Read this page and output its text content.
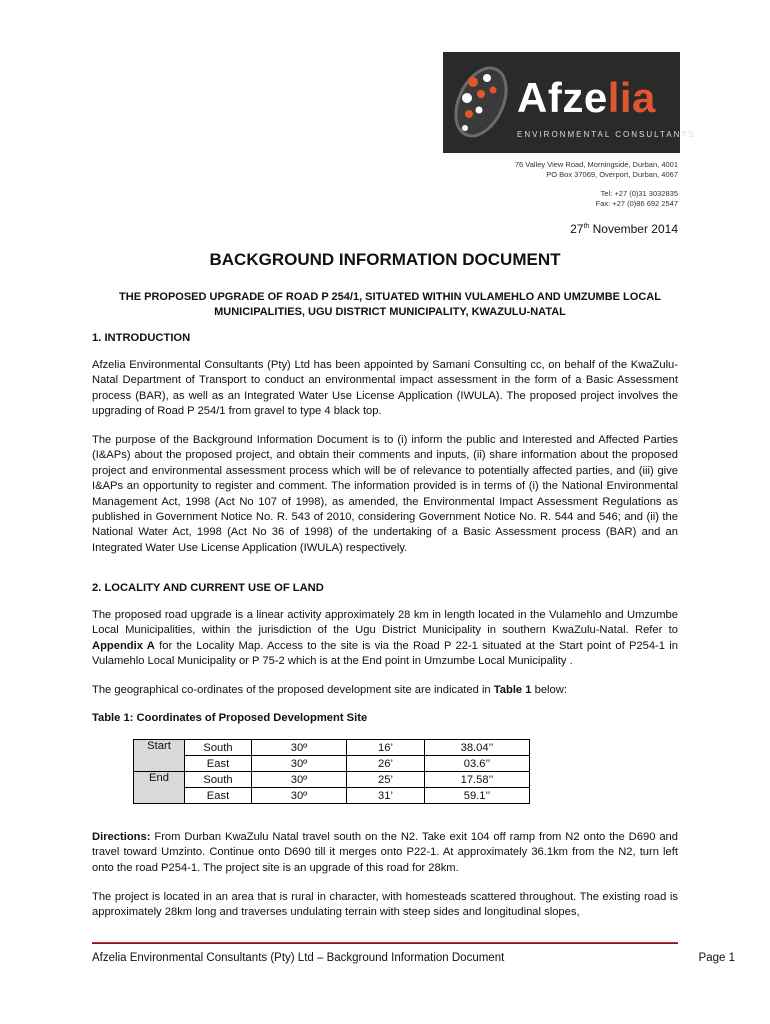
Afzelia
ENVIRONMENTAL CONSULTANTS
76 Valley View Road, Morningside, Durban, 4001
PO Box 37069, Overport, Durban, 4067
Tel: +27 (0)31 3032835
Fax: +27 (0)86 692 2547
27th November 2014
BACKGROUND INFORMATION DOCUMENT
THE PROPOSED UPGRADE OF ROAD P 254/1, SITUATED WITHIN VULAMEHLO AND UMZUMBE LOCAL MUNICIPALITIES, UGU DISTRICT MUNICIPALITY, KWAZULU-NATAL
1. INTRODUCTION

Afzelia Environmental Consultants (Pty) Ltd has been appointed by Samani Consulting cc, on behalf of the KwaZulu-Natal Department of Transport to conduct an environmental impact assessment in the form of a Basic Assessment process (BAR), as well as an Integrated Water Use License Application (IWULA). The proposed project involves the upgrading of Road P 254/1 from gravel to type 4 black top.

The purpose of the Background Information Document is to (i) inform the public and Interested and Affected Parties (I&APs) about the proposed project, and obtain their comments and inputs, (ii) share information about the proposed project and environmental assessment process which will be of relevance to potentially affected parties, and (iii) give I&APs an opportunity to register and comment. The information provided is in terms of (i) the National Environmental Management Act, 1998 (Act No 107 of 1998), as amended, the Environmental Impact Assessment Regulations as published in Government Notice No. R. 543 of 2010, considering Government Notice No. R. 544 and 546; and (ii) the National Water Act, 1998 (Act No 36 of 1998) of the undertaking of a Basic Assessment process (BAR) and an Integrated Water Use License Application (IWULA) respectively.

2. LOCALITY AND CURRENT USE OF LAND

The proposed road upgrade is a linear activity approximately 28 km in length located in the Vulamehlo and Umzumbe Local Municipalities, within the jurisdiction of the Ugu District Municipality in southern KwaZulu-Natal. Refer to Appendix A for the Locality Map. Access to the site is via the Road P 22-1 situated at the Start point of P254-1 in Vulamehlo Local Municipality or P 75-2 which is at the End point in Umzumbe Local Municipality .

The geographical co-ordinates of the proposed development site are indicated in Table 1 below:

Table 1: Coordinates of Proposed Development Site
Start	South	30º	16’	38.04’’
	East	30º	26’	03.6’’
End	South	30º	25’	17.58’’
	East	30º	31’	59.1’’

Directions: From Durban KwaZulu Natal travel south on the N2. Take exit 104 off ramp from N2 onto the D690 and travel toward Umzinto. Continue onto D690 till it merges onto P22-1. At approximately 36.1km from the N2, turn left onto the road P254-1. The project site is an upgrade of this road for 28km.

The project is located in an area that is rural in character, with homesteads scattered throughout. The existing road is approximately 28km long and traverses undulating terrain with steep sides and longitudinal slopes,

Afzelia Environmental Consultants (Pty) Ltd – Background Information Document	Page 1
